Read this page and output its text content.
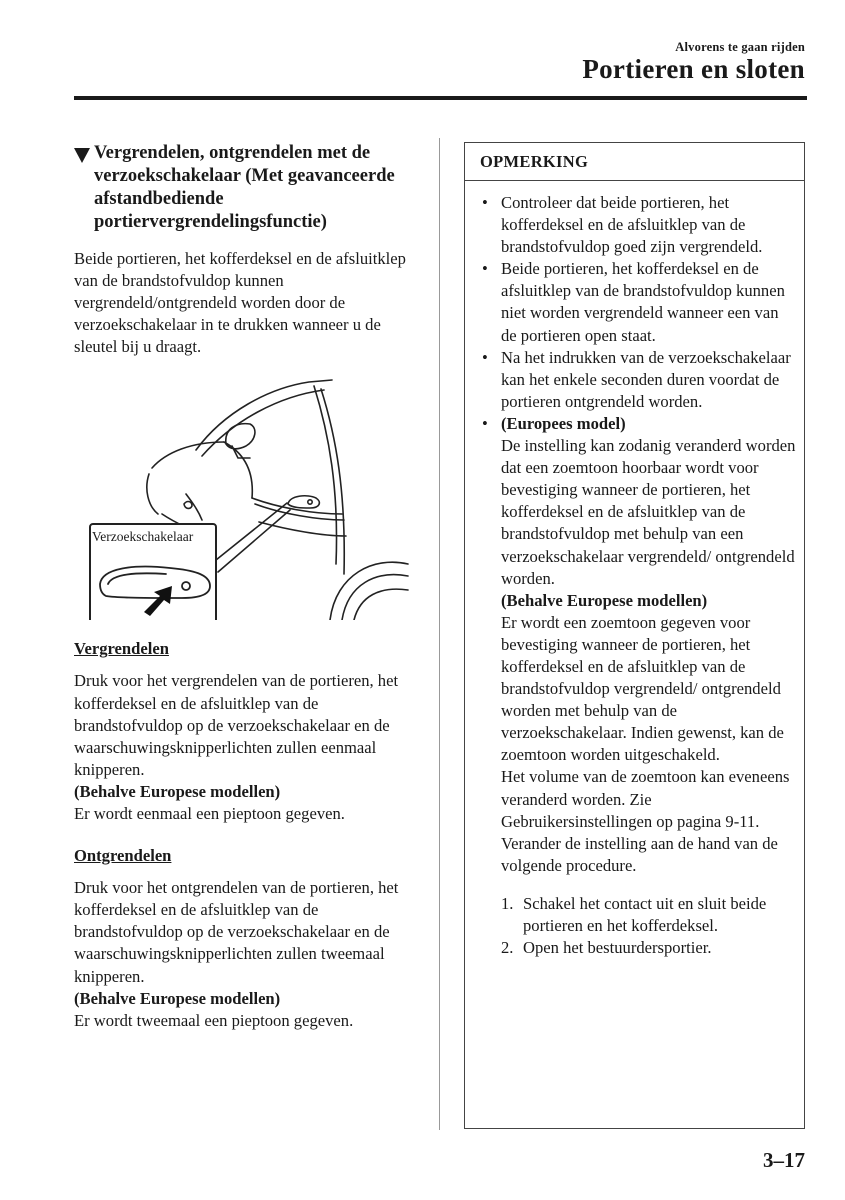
Alvorens te gaan rijden
Portieren en sloten
Vergrendelen, ontgrendelen met de verzoekschakelaar (Met geavanceerde afstandbediende portiervergrendelingsfunctie)
Beide portieren, het kofferdeksel en de afsluitklep van de brandstofvuldop kunnen vergrendeld/ontgrendeld worden door de verzoekschakelaar in te drukken wanneer u de sleutel bij u draagt.
Verzoekschakelaar
Vergrendelen
Druk voor het vergrendelen van de portieren, het kofferdeksel en de afsluitklep van de brandstofvuldop op de verzoekschakelaar en de waarschuwingsknipperlichten zullen eenmaal knipperen.
(Behalve Europese modellen)
Er wordt eenmaal een pieptoon gegeven.
Ontgrendelen
Druk voor het ontgrendelen van de portieren, het kofferdeksel en de afsluitklep van de brandstofvuldop op de verzoekschakelaar en de waarschuwingsknipperlichten zullen tweemaal knipperen.
(Behalve Europese modellen)
Er wordt tweemaal een pieptoon gegeven.
OPMERKING
• Controleer dat beide portieren, het kofferdeksel en de afsluitklep van de brandstofvuldop goed zijn vergrendeld.
• Beide portieren, het kofferdeksel en de afsluitklep van de brandstofvuldop kunnen niet worden vergrendeld wanneer een van de portieren open staat.
• Na het indrukken van de verzoekschakelaar kan het enkele seconden duren voordat de portieren ontgrendeld worden.
• (Europees model)
De instelling kan zodanig veranderd worden dat een zoemtoon hoorbaar wordt voor bevestiging wanneer de portieren, het kofferdeksel en de afsluitklep van de brandstofvuldop met behulp van een verzoekschakelaar vergrendeld/ ontgrendeld worden.
(Behalve Europese modellen)
Er wordt een zoemtoon gegeven voor bevestiging wanneer de portieren, het kofferdeksel en de afsluitklep van de brandstofvuldop vergrendeld/ ontgrendeld worden met behulp van de verzoekschakelaar. Indien gewenst, kan de zoemtoon worden uitgeschakeld.
Het volume van de zoemtoon kan eveneens veranderd worden. Zie Gebruikersinstellingen op pagina 9-11.
Verander de instelling aan de hand van de volgende procedure.
1. Schakel het contact uit en sluit beide portieren en het kofferdeksel.
2. Open het bestuurdersportier.
3–17
